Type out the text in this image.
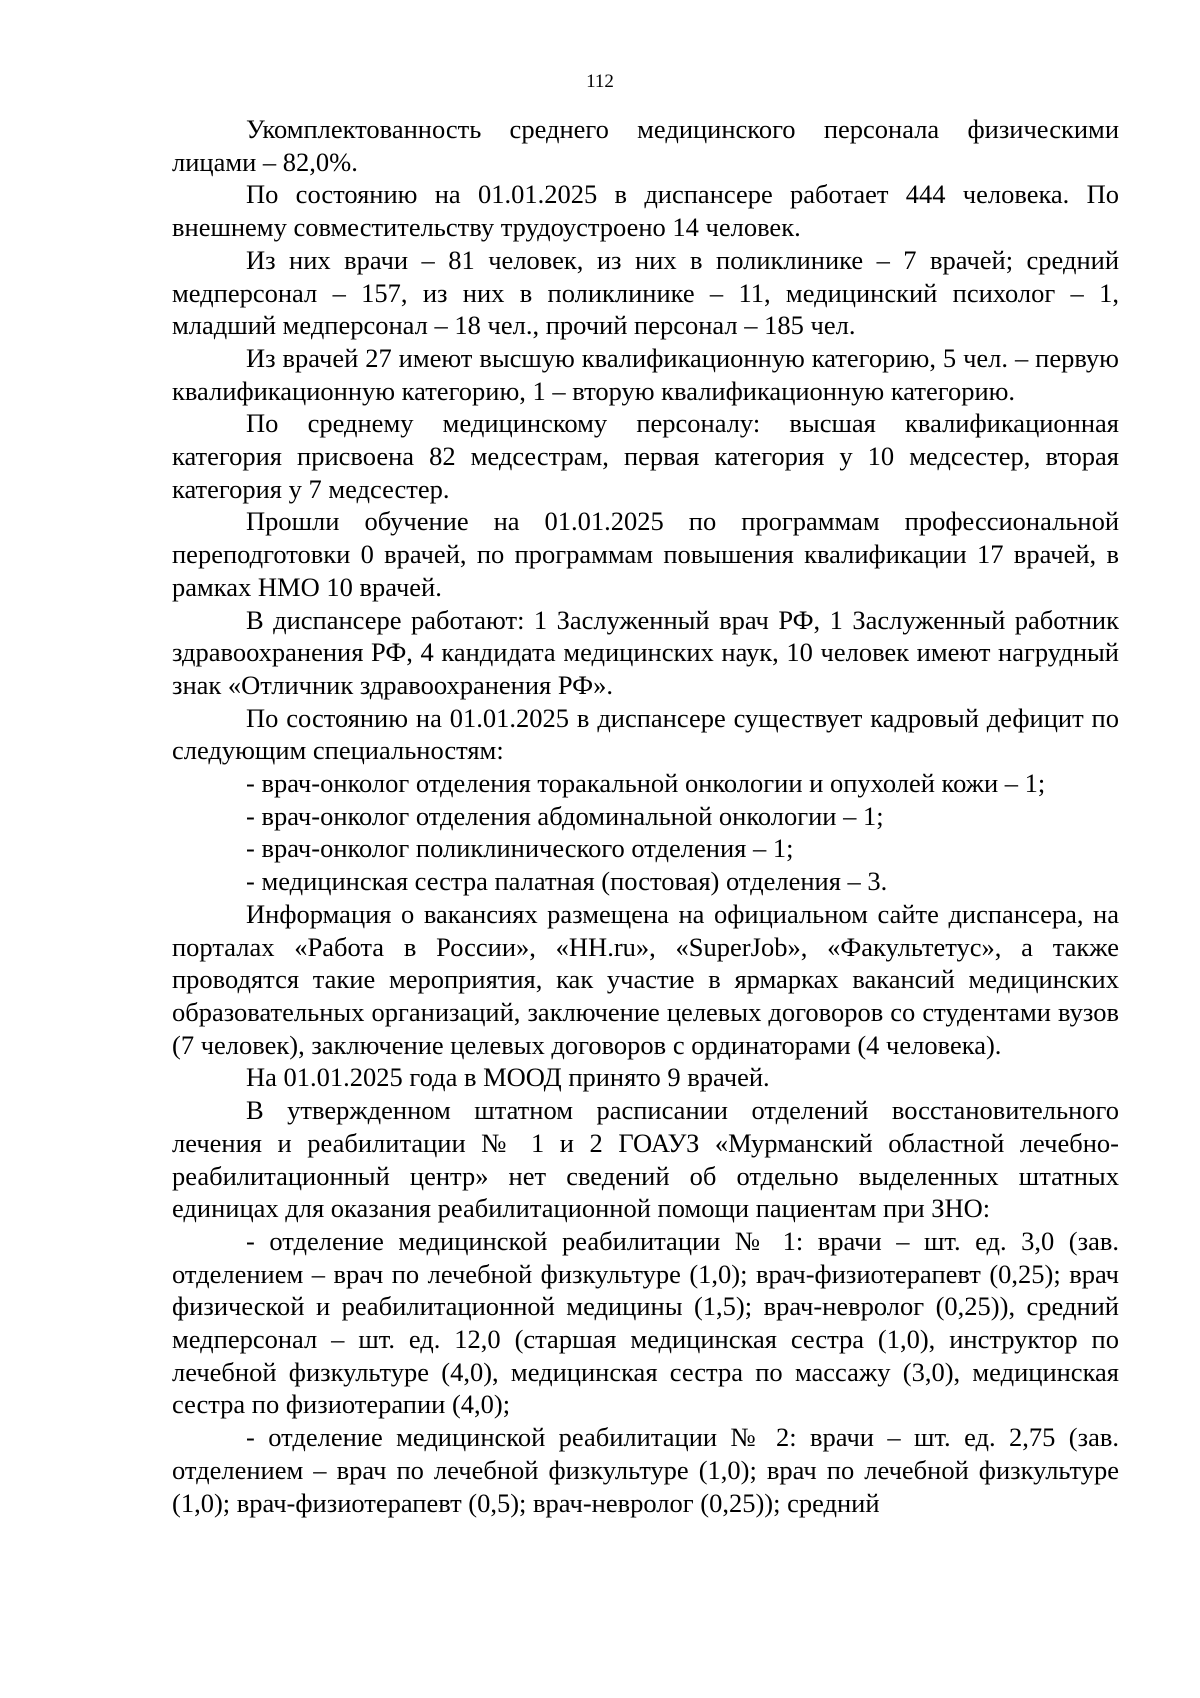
112

Укомплектованность среднего медицинского персонала физическими лицами – 82,0%.

По состоянию на 01.01.2025 в диспансере работает 444 человека. По внешнему совместительству трудоустроено 14 человек.

Из них врачи – 81 человек, из них в поликлинике – 7 врачей; средний медперсонал – 157, из них в поликлинике – 11, медицинский психолог – 1, младший медперсонал – 18 чел., прочий персонал – 185 чел.

Из врачей 27 имеют высшую квалификационную категорию, 5 чел. – первую квалификационную категорию, 1 – вторую квалификационную категорию.

По среднему медицинскому персоналу: высшая квалификационная категория присвоена 82 медсестрам, первая категория у 10 медсестер, вторая категория у 7 медсестер.

Прошли обучение на 01.01.2025 по программам профессиональной переподготовки 0 врачей, по программам повышения квалификации 17 врачей, в рамках НМО 10 врачей.

В диспансере работают: 1 Заслуженный врач РФ, 1 Заслуженный работник здравоохранения РФ, 4 кандидата медицинских наук, 10 человек имеют нагрудный знак «Отличник здравоохранения РФ».

По состоянию на 01.01.2025 в диспансере существует кадровый дефицит по следующим специальностям:

- врач-онколог отделения торакальной онкологии и опухолей кожи – 1;

- врач-онколог отделения абдоминальной онкологии – 1;

- врач-онколог поликлинического отделения – 1;

- медицинская сестра палатная (постовая) отделения – 3.

Информация о вакансиях размещена на официальном сайте диспансера, на порталах «Работа в России», «HH.ru», «SuperJob», «Факультетус», а также проводятся такие мероприятия, как участие в ярмарках вакансий медицинских образовательных организаций, заключение целевых договоров со студентами вузов (7 человек), заключение целевых договоров с ординаторами (4 человека).

На 01.01.2025 года в МООД принято 9 врачей.

В утвержденном штатном расписании отделений восстановительного лечения и реабилитации № 1 и 2 ГОАУЗ «Мурманский областной лечебно-реабилитационный центр» нет сведений об отдельно выделенных штатных единицах для оказания реабилитационной помощи пациентам при ЗНО:

- отделение медицинской реабилитации № 1: врачи – шт. ед. 3,0 (зав. отделением – врач по лечебной физкультуре (1,0); врач-физиотерапевт (0,25); врач физической и реабилитационной медицины (1,5); врач-невролог (0,25)), средний медперсонал – шт. ед. 12,0 (старшая медицинская сестра (1,0), инструктор по лечебной физкультуре (4,0), медицинская сестра по массажу (3,0), медицинская сестра по физиотерапии (4,0);

- отделение медицинской реабилитации № 2: врачи – шт. ед. 2,75 (зав. отделением – врач по лечебной физкультуре (1,0); врач по лечебной физкультуре (1,0); врач-физиотерапевт (0,5); врач-невролог (0,25)); средний
